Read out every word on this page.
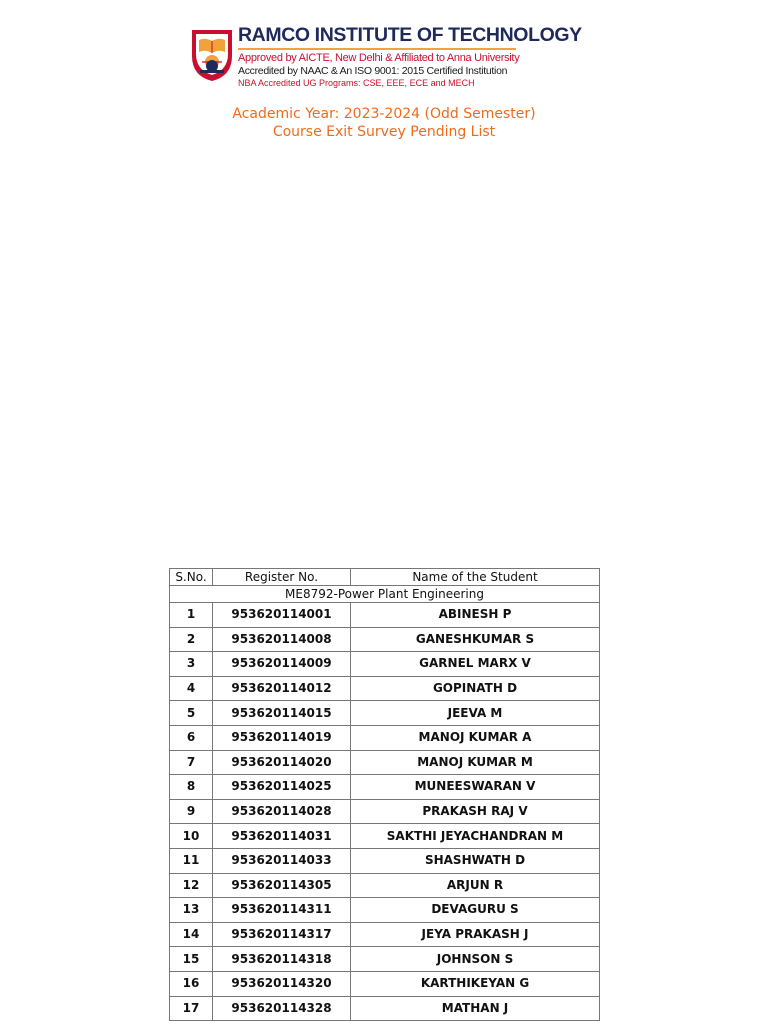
RAMCO INSTITUTE OF TECHNOLOGY
Approved by AICTE, New Delhi & Affiliated to Anna University
Accredited by NAAC & An ISO 9001: 2015 Certified Institution
NBA Accredited UG Programs: CSE, EEE, ECE and MECH
Academic Year: 2023-2024 (Odd Semester)
Course Exit Survey Pending List
S.No.	Register No.	Name of the Student
ME8792-Power Plant Engineering		
1	953620114001	ABINESH P
2	953620114008	GANESHKUMAR S
3	953620114009	GARNEL MARX V
4	953620114012	GOPINATH D
5	953620114015	JEEVA M
6	953620114019	MANOJ KUMAR A
7	953620114020	MANOJ KUMAR M
8	953620114025	MUNEESWARAN V
9	953620114028	PRAKASH RAJ V
10	953620114031	SAKTHI JEYACHANDRAN M
11	953620114033	SHASHWATH D
12	953620114305	ARJUN R
13	953620114311	DEVAGURU S
14	953620114317	JEYA PRAKASH J
15	953620114318	JOHNSON S
16	953620114320	KARTHIKEYAN G
17	953620114328	MATHAN J
